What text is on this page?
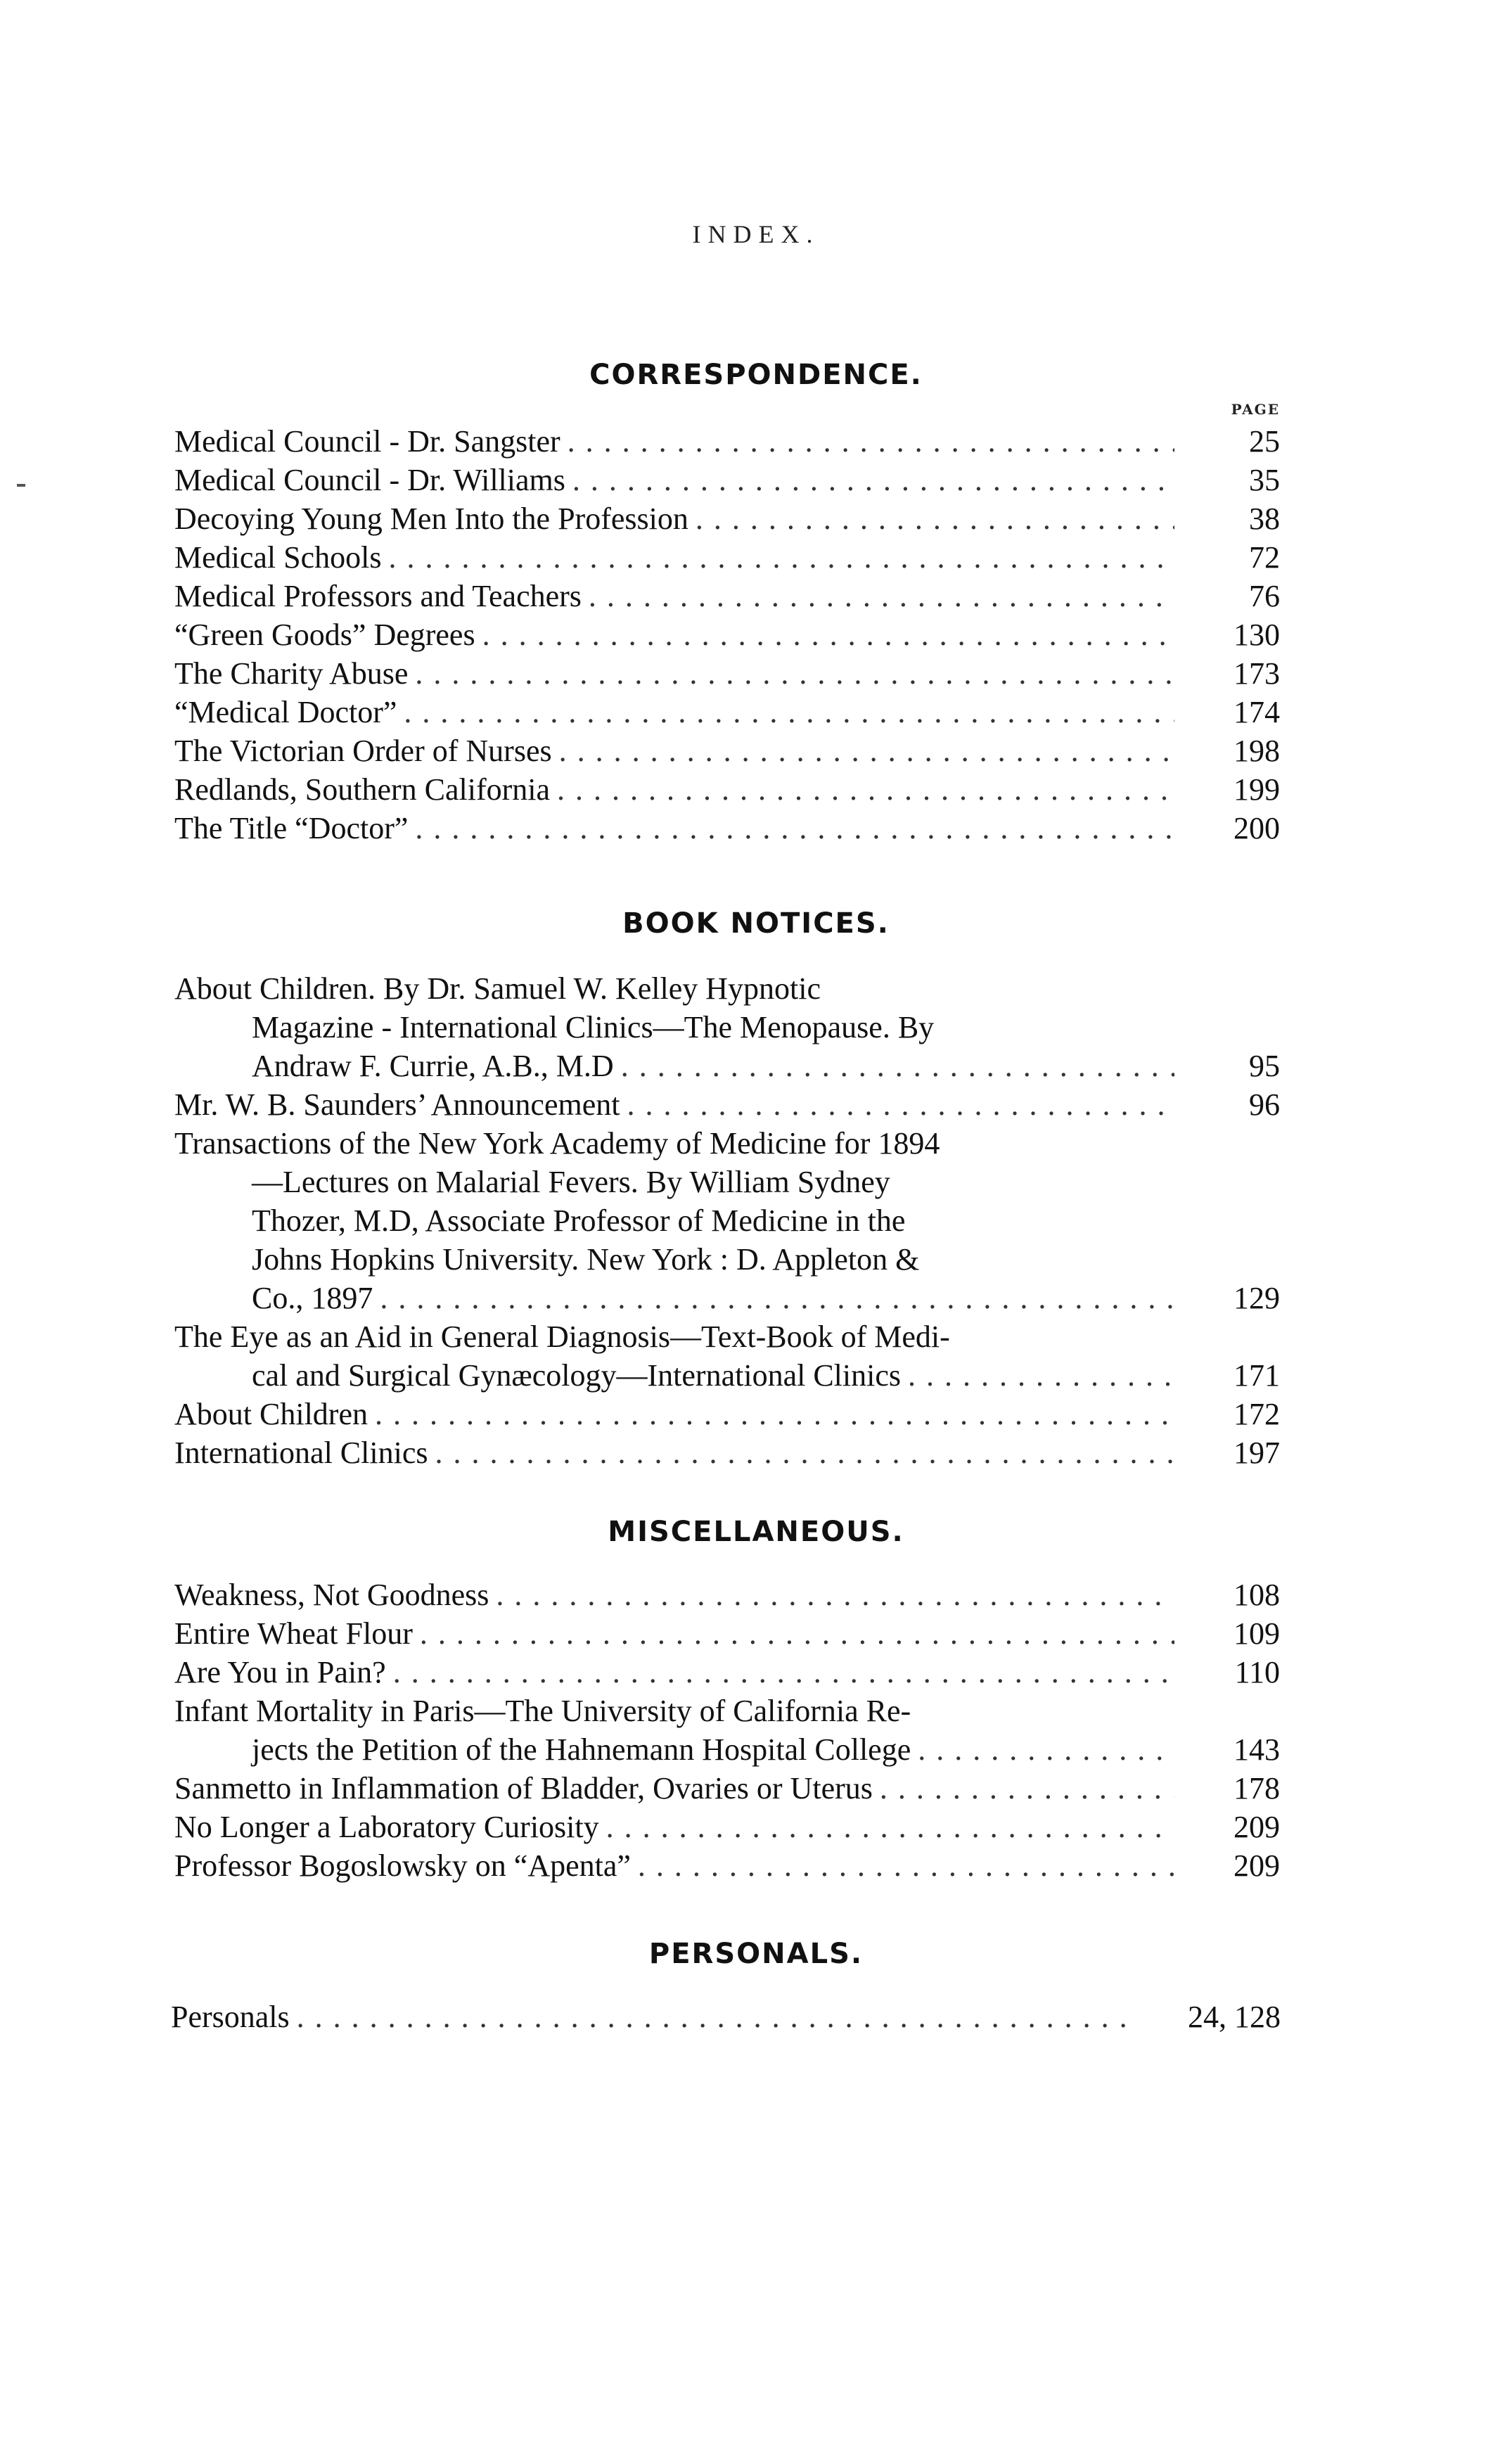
INDEX.
CORRESPONDENCE.
PAGE
Medical Council - Dr. Sangster . . .	25
Medical Council - Dr. Williams . . .	35
Decoying Young Men Into the Profession . . .	38
Medical Schools . . .	72
Medical Professors and Teachers . . .	76
“Green Goods” Degrees . . .	130
The Charity Abuse . . .	173
“Medical Doctor” . . .	174
The Victorian Order of Nurses . . .	198
Redlands, Southern California . . .	199
The Title “Doctor” . . .	200
BOOK NOTICES.
About Children. By Dr. Samuel W. Kelley Hypnotic
Magazine - International Clinics—The Menopause. By
Andraw F. Currie, A.B., M.D . . .	95
Mr. W. B. Saunders’ Announcement . . .	96
Transactions of the New York Academy of Medicine for 1894
—Lectures on Malarial Fevers. By William Sydney
Thozer, M.D, Associate Professor of Medicine in the
Johns Hopkins University. New York : D. Appleton &
Co., 1897 . . .	129
The Eye as an Aid in General Diagnosis—Text-Book of Medi-
cal and Surgical Gynæcology—International Clinics . . .	171
About Children . . .	172
International Clinics . . .	197
MISCELLANEOUS.
Weakness, Not Goodness . . .	108
Entire Wheat Flour . . .	109
Are You in Pain? . . .	110
Infant Mortality in Paris—The University of California Re-
jects the Petition of the Hahnemann Hospital College . . .	143
Sanmetto in Inflammation of Bladder, Ovaries or Uterus . . .	178
No Longer a Laboratory Curiosity . . .	209
Professor Bogoslowsky on “Apenta” . . .	209
PERSONALS.
Personals . . .	24, 128
